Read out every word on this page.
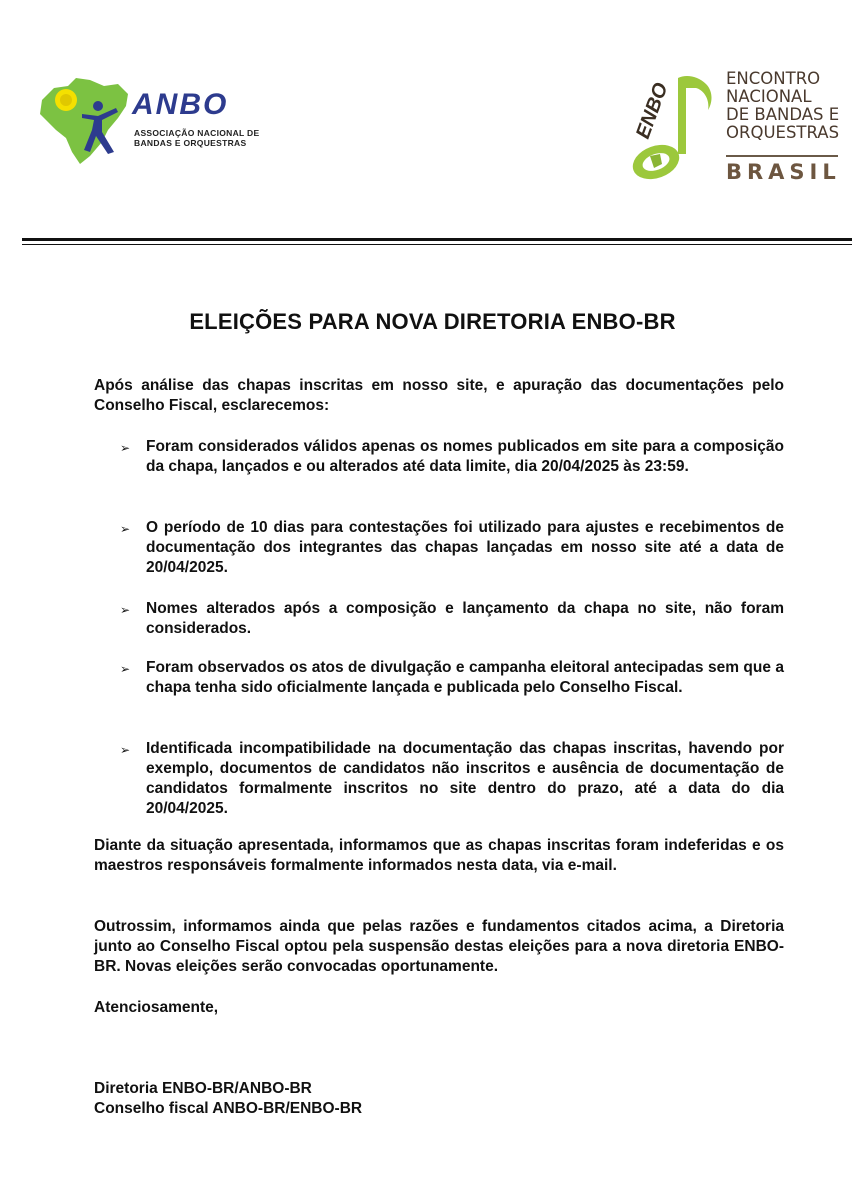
ANBO
ASSOCIAÇÃO NACIONAL DE
BANDAS E ORQUESTRAS
ENBO
ENCONTRO
NACIONAL
DE BANDAS E
ORQUESTRAS
BRASIL
ELEIÇÕES PARA NOVA DIRETORIA ENBO-BR
Após análise das chapas inscritas em nosso site, e apuração das documentações pelo Conselho Fiscal, esclarecemos:
➢ Foram considerados válidos apenas os nomes publicados em site para a composição da chapa, lançados e ou alterados até data limite, dia 20/04/2025 às 23:59.
➢ O período de 10 dias para contestações foi utilizado para ajustes e recebimentos de documentação dos integrantes das chapas lançadas em nosso site até a data de 20/04/2025.
➢ Nomes alterados após a composição e lançamento da chapa no site, não foram considerados.
➢ Foram observados os atos de divulgação e campanha eleitoral antecipadas sem que a chapa tenha sido oficialmente lançada e publicada pelo Conselho Fiscal.
➢ Identificada incompatibilidade na documentação das chapas inscritas, havendo por exemplo, documentos de candidatos não inscritos e ausência de documentação de candidatos formalmente inscritos no site dentro do prazo, até a data do dia 20/04/2025.
Diante da situação apresentada, informamos que as chapas inscritas foram indeferidas e os maestros responsáveis formalmente informados nesta data, via e-mail.
Outrossim, informamos ainda que pelas razões e fundamentos citados acima, a Diretoria junto ao Conselho Fiscal optou pela suspensão destas eleições para a nova diretoria ENBO-BR. Novas eleições serão convocadas oportunamente.
Atenciosamente,
Diretoria ENBO-BR/ANBO-BR
Conselho fiscal ANBO-BR/ENBO-BR
